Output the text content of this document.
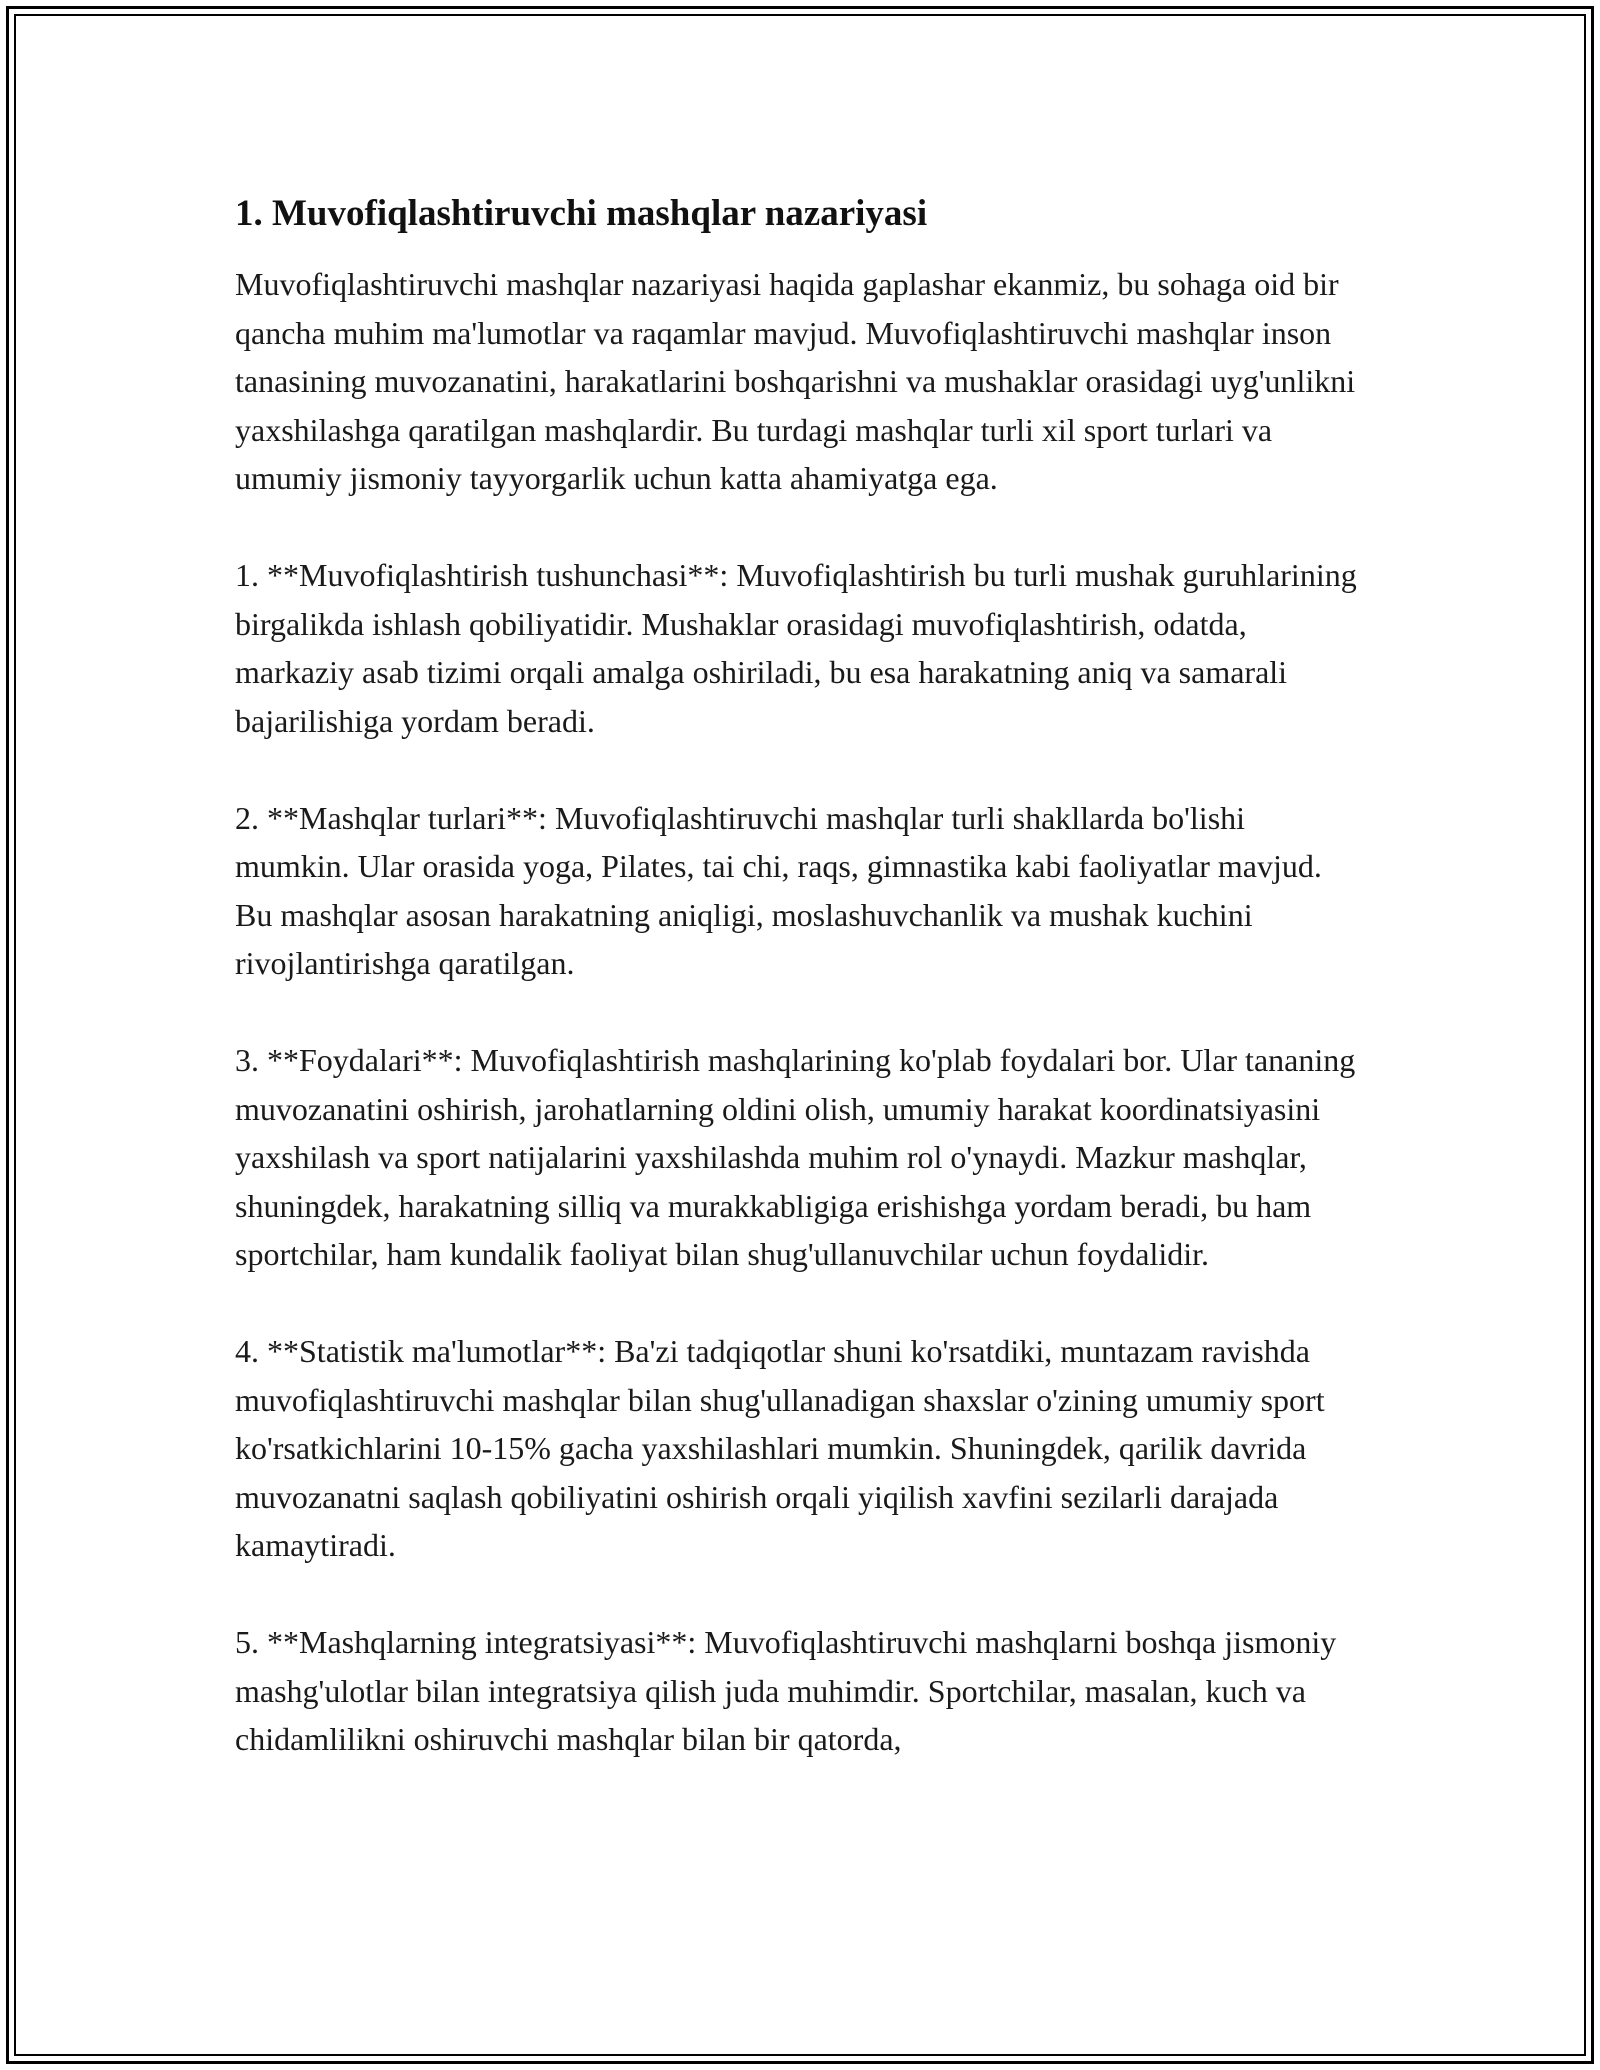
1. Muvofiqlashtiruvchi mashqlar nazariyasi

Muvofiqlashtiruvchi mashqlar nazariyasi haqida gaplashar ekanmiz, bu sohaga oid bir qancha muhim ma'lumotlar va raqamlar mavjud. Muvofiqlashtiruvchi mashqlar inson tanasining muvozanatini, harakatlarini boshqarishni va mushaklar orasidagi uyg'unlikni yaxshilashga qaratilgan mashqlardir. Bu turdagi mashqlar turli xil sport turlari va umumiy jismoniy tayyorgarlik uchun katta ahamiyatga ega.

1. **Muvofiqlashtirish tushunchasi**: Muvofiqlashtirish bu turli mushak guruhlarining birgalikda ishlash qobiliyatidir. Mushaklar orasidagi muvofiqlashtirish, odatda, markaziy asab tizimi orqali amalga oshiriladi, bu esa harakatning aniq va samarali bajarilishiga yordam beradi.

2. **Mashqlar turlari**: Muvofiqlashtiruvchi mashqlar turli shakllarda bo'lishi mumkin. Ular orasida yoga, Pilates, tai chi, raqs, gimnastika kabi faoliyatlar mavjud. Bu mashqlar asosan harakatning aniqligi, moslashuvchanlik va mushak kuchini rivojlantirishga qaratilgan.

3. **Foydalari**: Muvofiqlashtirish mashqlarining ko'plab foydalari bor. Ular tananing muvozanatini oshirish, jarohatlarning oldini olish, umumiy harakat koordinatsiyasini yaxshilash va sport natijalarini yaxshilashda muhim rol o'ynaydi. Mazkur mashqlar, shuningdek, harakatning silliq va murakkabligiga erishishga yordam beradi, bu ham sportchilar, ham kundalik faoliyat bilan shug'ullanuvchilar uchun foydalidir.

4. **Statistik ma'lumotlar**: Ba'zi tadqiqotlar shuni ko'rsatdiki, muntazam ravishda muvofiqlashtiruvchi mashqlar bilan shug'ullanadigan shaxslar o'zining umumiy sport ko'rsatkichlarini 10-15% gacha yaxshilashlari mumkin. Shuningdek, qarilik davrida muvozanatni saqlash qobiliyatini oshirish orqali yiqilish xavfini sezilarli darajada kamaytiradi.

5. **Mashqlarning integratsiyasi**: Muvofiqlashtiruvchi mashqlarni boshqa jismoniy mashg'ulotlar bilan integratsiya qilish juda muhimdir. Sportchilar, masalan, kuch va chidamlilikni oshiruvchi mashqlar bilan bir qatorda,
